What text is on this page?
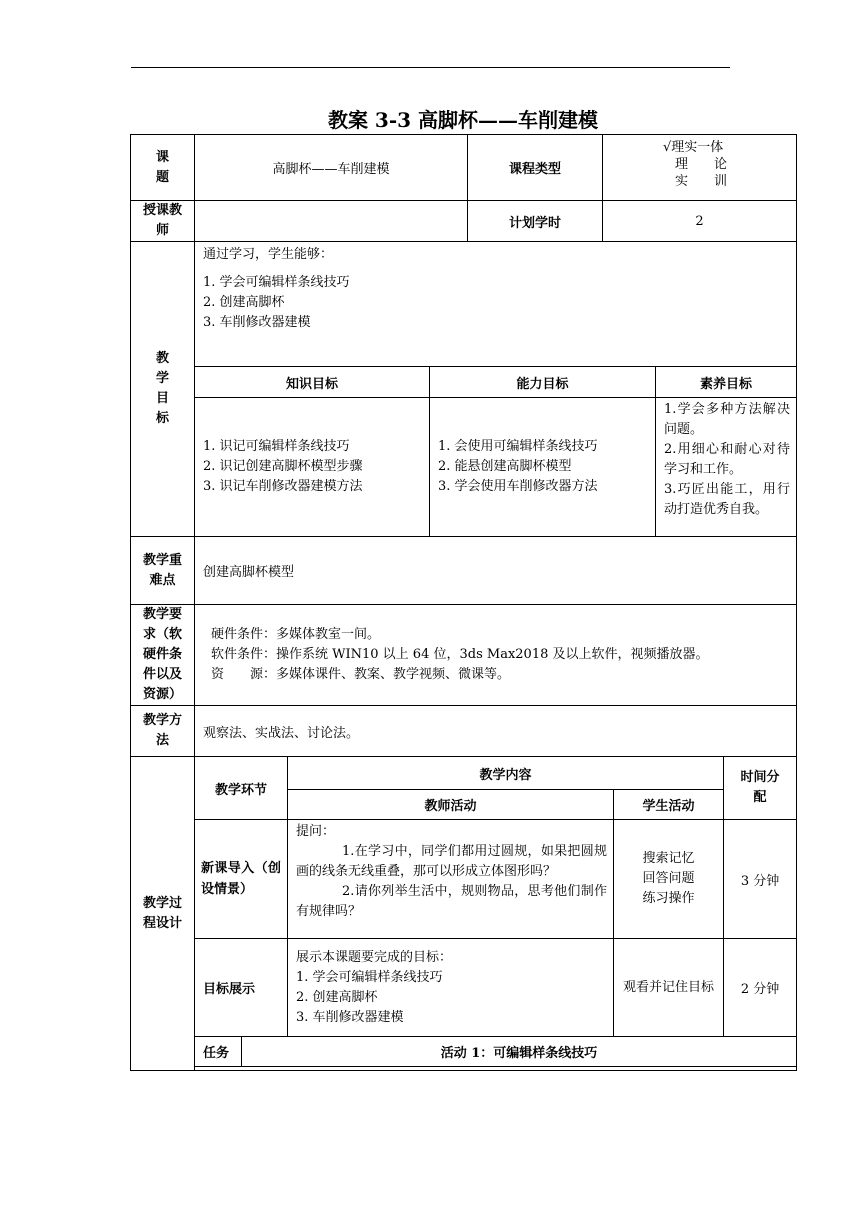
教案 3-3 高脚杯——车削建模
课
题	高脚杯——车削建模	课程类型	
√理实一体
理　　论
实　　训

授课教
师		计划学时	2
教
学
目
标	
通过学习，学生能够：
1. 学会可编辑样条线技巧
2. 创建高脚杯
3. 车削修改器建模
知识目标	能力目标	素养目标

1. 识记可编辑样条线技巧
2. 识记创建高脚杯模型步骤
3. 识记车削修改器建模方法

1. 会使用可编辑样条线技巧
2. 能悬创建高脚杯模型
3. 学会使用车削修改器方法

1.学会多种方法解决问题。
2.用细心和耐心对待学习和工作。
3.巧匠出能工，用行动打造优秀自我。

教学重
难点	创建高脚杯模型
教学要
求（软
硬件条
件以及
资源）	
硬件条件：多媒体教室一间。
软件条件：操作系统 WIN10 以上 64 位，3ds Max2018 及以上软件，视频播放器。
资　　源：多媒体课件、教案、教学视频、微课等。

教学方
法	观察法、实战法、讨论法。
教学过
程设计	
教学环节	教学内容	时间分
配
教师活动	学生活动
新课导入（创设情景）	
提问：
1.在学习中，同学们都用过圆规，如果把圆规画的线条无线重叠，那可以形成立体图形吗？
2.请你列举生活中，规则物品，思考他们制作有规律吗？
	搜索记忆
回答问题
练习操作	3 分钟
目标展示	
展示本课题要完成的目标：
1. 学会可编辑样条线技巧
2. 创建高脚杯
3. 车削修改器建模
	观看并记住目标	2 分钟
任务	活动 1：可编辑样条线技巧
